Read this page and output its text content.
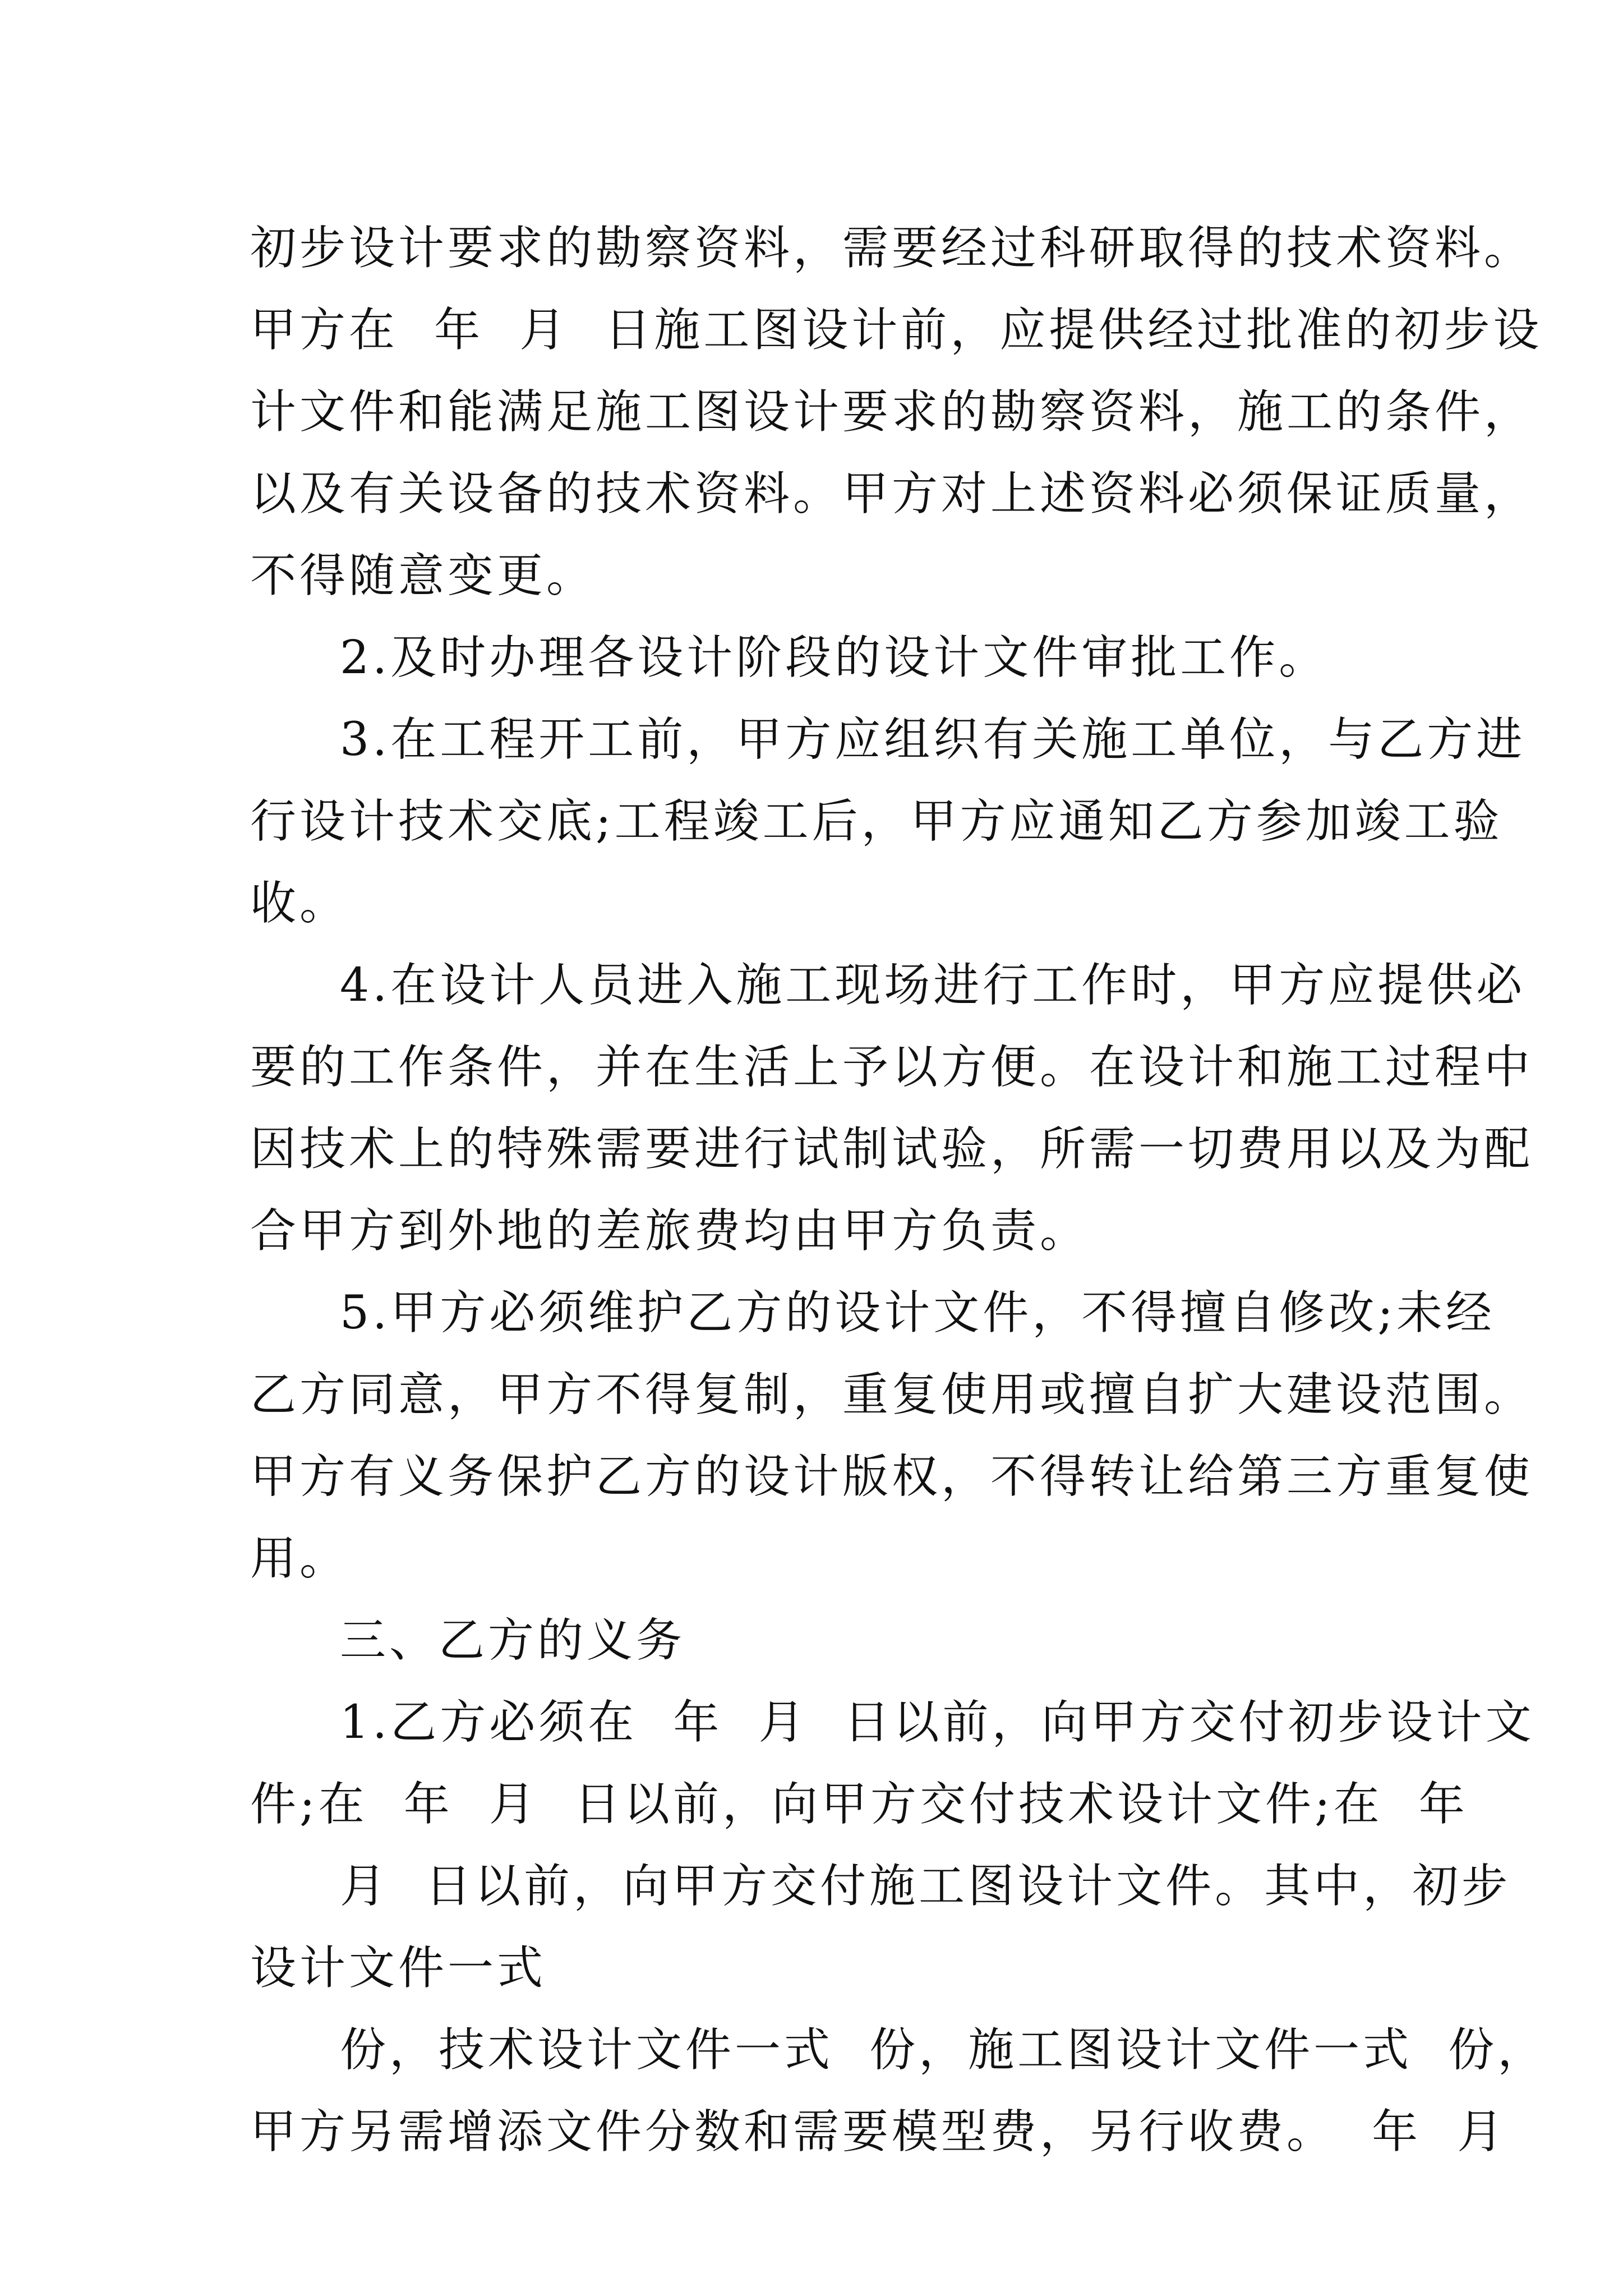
初步设计要求的勘察资料，需要经过科研取得的技术资料。
甲方在  年  月  日施工图设计前，应提供经过批准的初步设
计文件和能满足施工图设计要求的勘察资料，施工的条件，
以及有关设备的技术资料。甲方对上述资料必须保证质量，
不得随意变更。
2.及时办理各设计阶段的设计文件审批工作。
3.在工程开工前，甲方应组织有关施工单位，与乙方进
行设计技术交底;工程竣工后，甲方应通知乙方参加竣工验
收。
4.在设计人员进入施工现场进行工作时，甲方应提供必
要的工作条件，并在生活上予以方便。在设计和施工过程中
因技术上的特殊需要进行试制试验，所需一切费用以及为配
合甲方到外地的差旅费均由甲方负责。
5.甲方必须维护乙方的设计文件，不得擅自修改;未经
乙方同意，甲方不得复制，重复使用或擅自扩大建设范围。
甲方有义务保护乙方的设计版权，不得转让给第三方重复使
用。
三、乙方的义务
1.乙方必须在  年  月  日以前，向甲方交付初步设计文
件;在  年  月  日以前，向甲方交付技术设计文件;在  年
月  日以前，向甲方交付施工图设计文件。其中，初步
设计文件一式
份，技术设计文件一式  份，施工图设计文件一式  份，
甲方另需增添文件分数和需要模型费，另行收费。  年  月
